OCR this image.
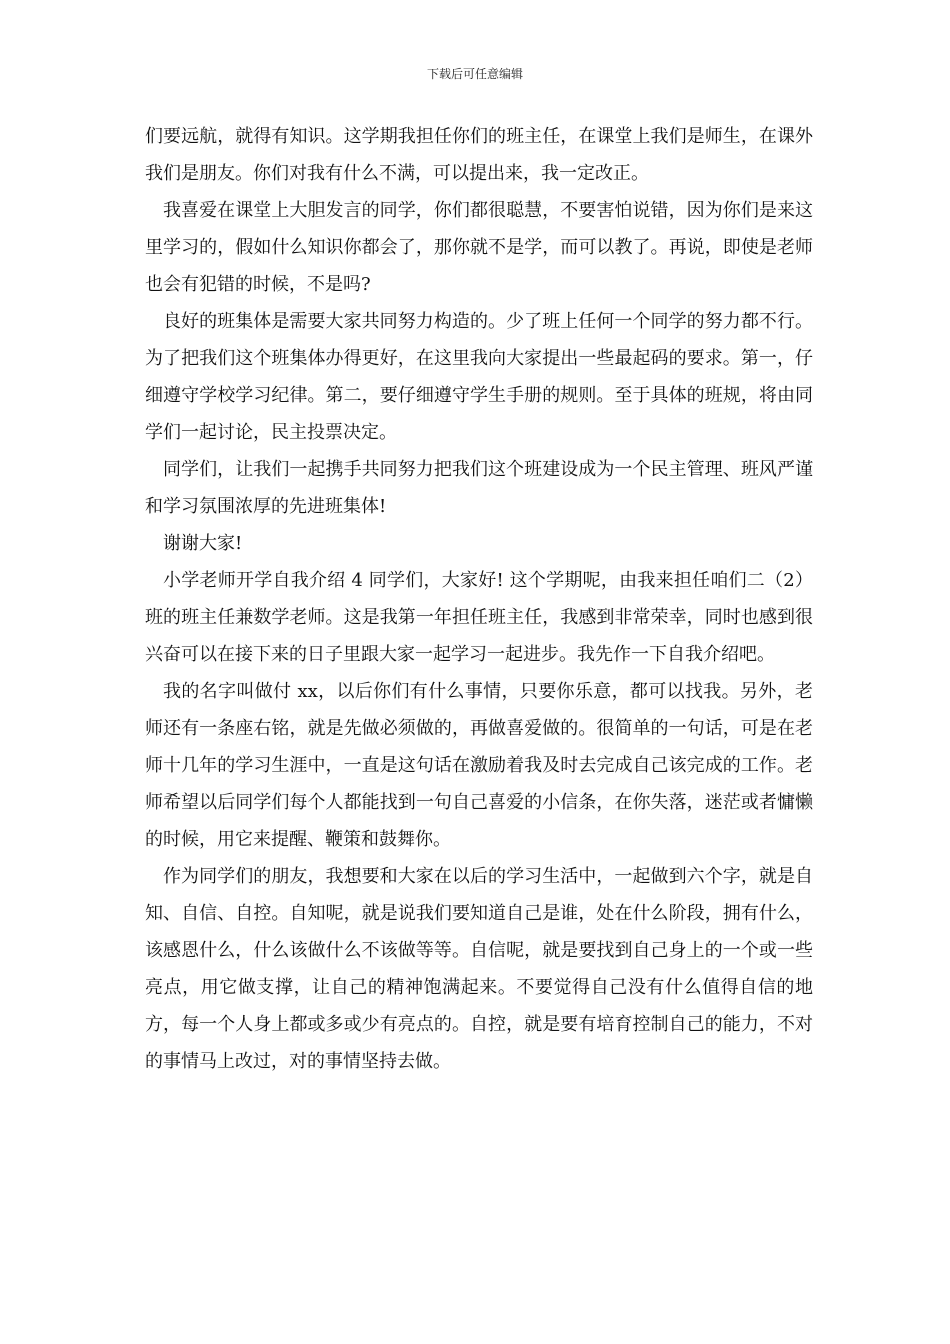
下载后可任意编辑

们要远航，就得有知识。这学期我担任你们的班主任，在课堂上我们是师生，在课外我们是朋友。你们对我有什么不满，可以提出来，我一定改正。

我喜爱在课堂上大胆发言的同学，你们都很聪慧，不要害怕说错，因为你们是来这里学习的，假如什么知识你都会了，那你就不是学，而可以教了。再说，即使是老师也会有犯错的时候，不是吗?

良好的班集体是需要大家共同努力构造的。少了班上任何一个同学的努力都不行。为了把我们这个班集体办得更好，在这里我向大家提出一些最起码的要求。第一，仔细遵守学校学习纪律。第二，要仔细遵守学生手册的规则。至于具体的班规，将由同学们一起讨论，民主投票决定。

同学们，让我们一起携手共同努力把我们这个班建设成为一个民主管理、班风严谨和学习氛围浓厚的先进班集体!

谢谢大家!

小学老师开学自我介绍 4 同学们，大家好! 这个学期呢，由我来担任咱们二（2）班的班主任兼数学老师。这是我第一年担任班主任，我感到非常荣幸，同时也感到很兴奋可以在接下来的日子里跟大家一起学习一起进步。我先作一下自我介绍吧。

我的名字叫做付 xx，以后你们有什么事情，只要你乐意，都可以找我。另外，老师还有一条座右铭，就是先做必须做的，再做喜爱做的。很简单的一句话，可是在老师十几年的学习生涯中，一直是这句话在激励着我及时去完成自己该完成的工作。老师希望以后同学们每个人都能找到一句自己喜爱的小信条，在你失落，迷茫或者慵懒的时候，用它来提醒、鞭策和鼓舞你。

作为同学们的朋友，我想要和大家在以后的学习生活中，一起做到六个字，就是自知、自信、自控。自知呢，就是说我们要知道自己是谁，处在什么阶段，拥有什么，该感恩什么，什么该做什么不该做等等。自信呢，就是要找到自己身上的一个或一些亮点，用它做支撑，让自己的精神饱满起来。不要觉得自己没有什么值得自信的地方，每一个人身上都或多或少有亮点的。自控，就是要有培育控制自己的能力，不对的事情马上改过，对的事情坚持去做。
